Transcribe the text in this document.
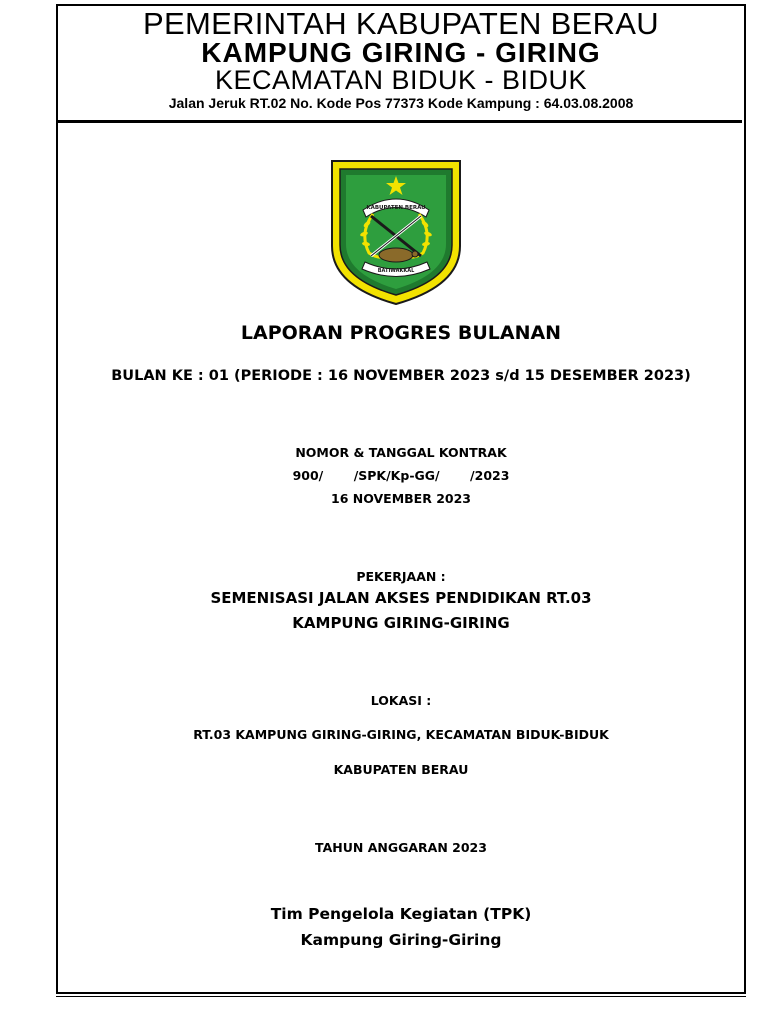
PEMERINTAH KABUPATEN BERAU
KAMPUNG GIRING - GIRING
KECAMATAN BIDUK - BIDUK
Jalan Jeruk RT.02 No. Kode Pos 77373 Kode Kampung : 64.03.08.2008
KABUPATEN BERAU
BATIWAKKAL
LAPORAN PROGRES BULANAN
BULAN KE : 01 (PERIODE : 16 NOVEMBER 2023 s/d 15 DESEMBER 2023)
NOMOR & TANGGAL KONTRAK
900/       /SPK/Kp-GG/       /2023
16 NOVEMBER 2023
PEKERJAAN :
SEMENISASI JALAN AKSES PENDIDIKAN RT.03
KAMPUNG GIRING-GIRING
LOKASI :
RT.03 KAMPUNG GIRING-GIRING, KECAMATAN BIDUK-BIDUK
KABUPATEN BERAU
TAHUN ANGGARAN 2023
Tim Pengelola Kegiatan (TPK)
Kampung Giring-Giring
